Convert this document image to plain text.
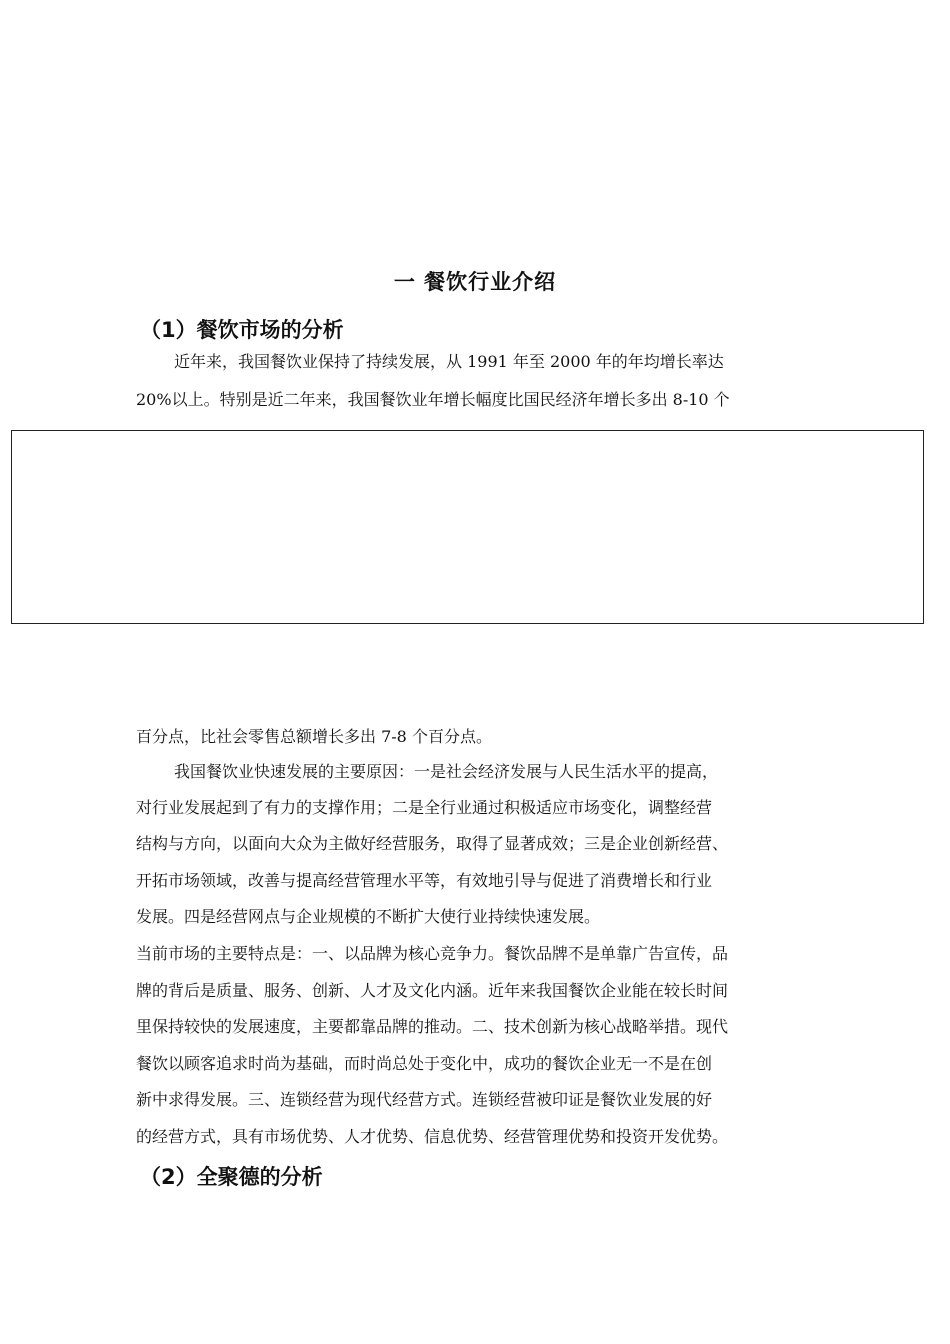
一 餐饮行业介绍
（1）餐饮市场的分析
近年来，我国餐饮业保持了持续发展，从 1991 年至 2000 年的年均增长率达
20%以上。特别是近二年来，我国餐饮业年增长幅度比国民经济年增长多出 8-10 个
百分点，比社会零售总额增长多出 7-8 个百分点。
我国餐饮业快速发展的主要原因：一是社会经济发展与人民生活水平的提高，
对行业发展起到了有力的支撑作用；二是全行业通过积极适应市场变化，调整经营
结构与方向，以面向大众为主做好经营服务，取得了显著成效；三是企业创新经营、
开拓市场领域，改善与提高经营管理水平等，有效地引导与促进了消费增长和行业
发展。四是经营网点与企业规模的不断扩大使行业持续快速发展。
当前市场的主要特点是：一、以品牌为核心竞争力。餐饮品牌不是单靠广告宣传，品
牌的背后是质量、服务、创新、人才及文化内涵。近年来我国餐饮企业能在较长时间
里保持较快的发展速度，主要都靠品牌的推动。二、技术创新为核心战略举措。现代
餐饮以顾客追求时尚为基础，而时尚总处于变化中，成功的餐饮企业无一不是在创
新中求得发展。三、连锁经营为现代经营方式。连锁经营被印证是餐饮业发展的好
的经营方式，具有市场优势、人才优势、信息优势、经营管理优势和投资开发优势。
（2）全聚德的分析
